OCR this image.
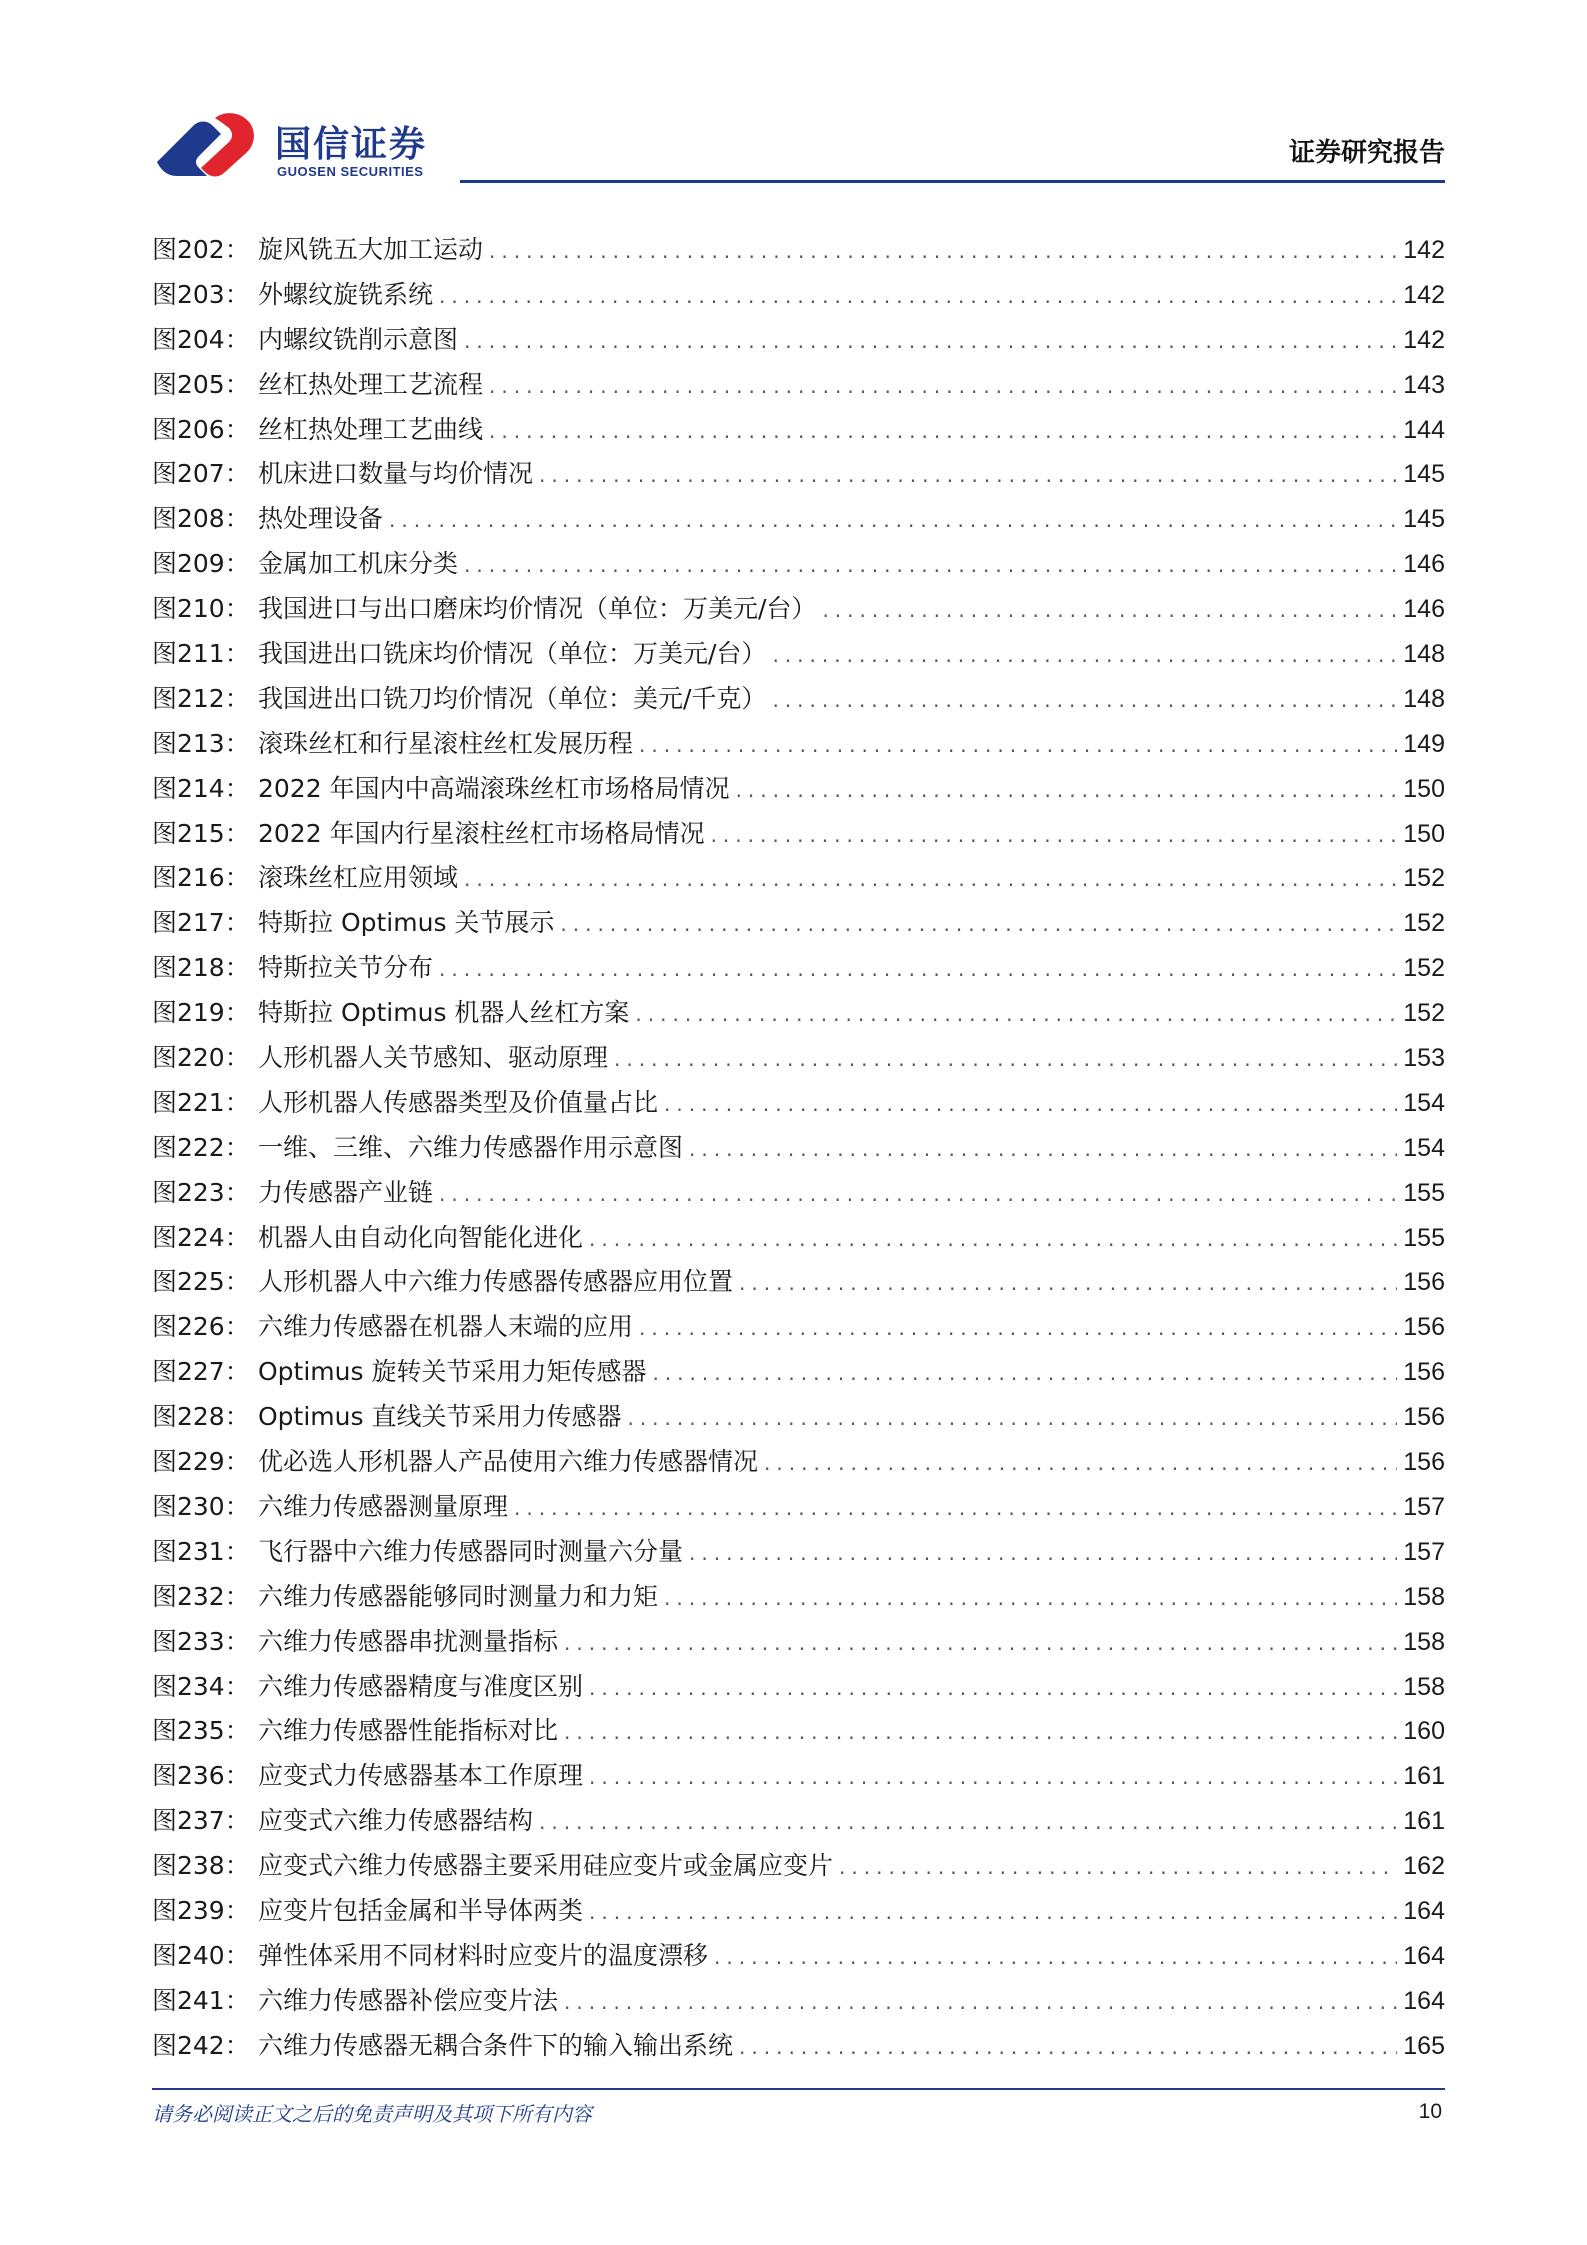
国信证券
GUOSEN SECURITIES
证券研究报告
图202： 旋风铣五大加工运动 .....	142
图203： 外螺纹旋铣系统 .....	142
图204： 内螺纹铣削示意图 .....	142
图205： 丝杠热处理工艺流程 .....	143
图206： 丝杠热处理工艺曲线 .....	144
图207： 机床进口数量与均价情况 .....	145
图208： 热处理设备 .....	145
图209： 金属加工机床分类 .....	146
图210： 我国进口与出口磨床均价情况（单位：万美元/台） .....	146
图211： 我国进出口铣床均价情况（单位：万美元/台） .....	148
图212： 我国进出口铣刀均价情况（单位：美元/千克） .....	148
图213： 滚珠丝杠和行星滚柱丝杠发展历程 .....	149
图214： 2022 年国内中高端滚珠丝杠市场格局情况 .....	150
图215： 2022 年国内行星滚柱丝杠市场格局情况 .....	150
图216： 滚珠丝杠应用领域 .....	152
图217： 特斯拉 Optimus 关节展示 .....	152
图218： 特斯拉关节分布 .....	152
图219： 特斯拉 Optimus 机器人丝杠方案 .....	152
图220： 人形机器人关节感知、驱动原理 .....	153
图221： 人形机器人传感器类型及价值量占比 .....	154
图222： 一维、三维、六维力传感器作用示意图 .....	154
图223： 力传感器产业链 .....	155
图224： 机器人由自动化向智能化进化 .....	155
图225： 人形机器人中六维力传感器传感器应用位置 .....	156
图226： 六维力传感器在机器人末端的应用 .....	156
图227： Optimus 旋转关节采用力矩传感器 .....	156
图228： Optimus 直线关节采用力传感器 .....	156
图229： 优必选人形机器人产品使用六维力传感器情况 .....	156
图230： 六维力传感器测量原理 .....	157
图231： 飞行器中六维力传感器同时测量六分量 .....	157
图232： 六维力传感器能够同时测量力和力矩 .....	158
图233： 六维力传感器串扰测量指标 .....	158
图234： 六维力传感器精度与准度区别 .....	158
图235： 六维力传感器性能指标对比 .....	160
图236： 应变式力传感器基本工作原理 .....	161
图237： 应变式六维力传感器结构 .....	161
图238： 应变式六维力传感器主要采用硅应变片或金属应变片 .....	162
图239： 应变片包括金属和半导体两类 .....	164
图240： 弹性体采用不同材料时应变片的温度漂移 .....	164
图241： 六维力传感器补偿应变片法 .....	164
图242： 六维力传感器无耦合条件下的输入输出系统 .....	165
请务必阅读正文之后的免责声明及其项下所有内容	10
